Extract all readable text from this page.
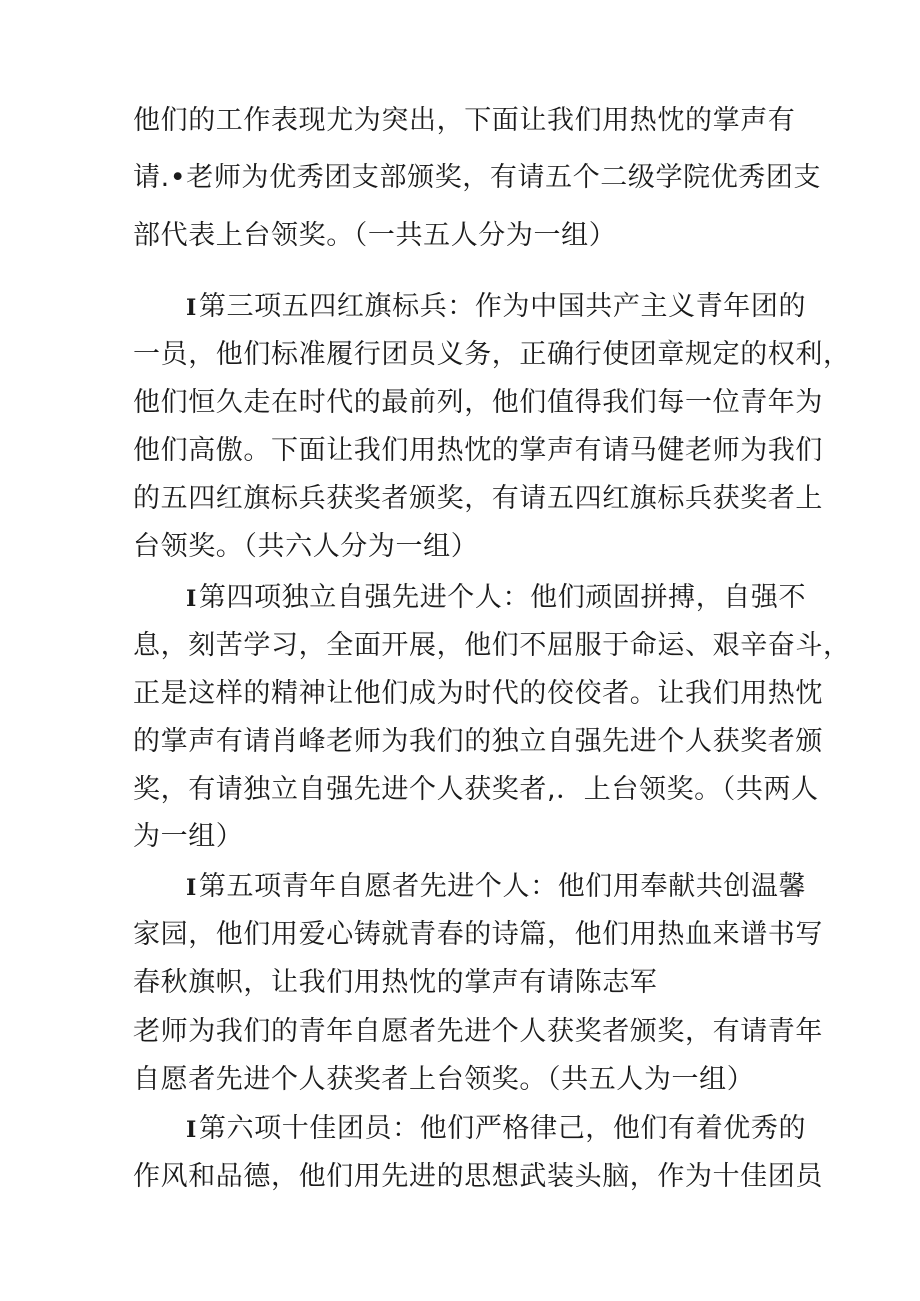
他们的工作表现尤为突出，下面让我们用热忱的掌声有
请.•老师为优秀团支部颁奖，有请五个二级学院优秀团支
部代表上台领奖。（一共五人分为一组）
I第三项五四红旗标兵：作为中国共产主义青年团的
一员，他们标准履行团员义务，正确行使团章规定的权利，
他们恒久走在时代的最前列，他们值得我们每一位青年为
他们高傲。下面让我们用热忱的掌声有请马健老师为我们
的五四红旗标兵获奖者颁奖，有请五四红旗标兵获奖者上
台领奖。（共六人分为一组）
I第四项独立自强先进个人：他们顽固拼搏，自强不
息，刻苦学习，全面开展，他们不屈服于命运、艰辛奋斗，
正是这样的精神让他们成为时代的佼佼者。让我们用热忱
的掌声有请肖峰老师为我们的独立自强先进个人获奖者颁
奖，有请独立自强先进个人获奖者,．上台领奖。（共两人
为一组）
I第五项青年自愿者先进个人：他们用奉献共创温馨
家园，他们用爱心铸就青春的诗篇，他们用热血来谱书写
春秋旗帜，让我们用热忱的掌声有请陈志军
老师为我们的青年自愿者先进个人获奖者颁奖，有请青年
自愿者先进个人获奖者上台领奖。（共五人为一组）
I第六项十佳团员：他们严格律己，他们有着优秀的
作风和品德，他们用先进的思想武装头脑，作为十佳团员
